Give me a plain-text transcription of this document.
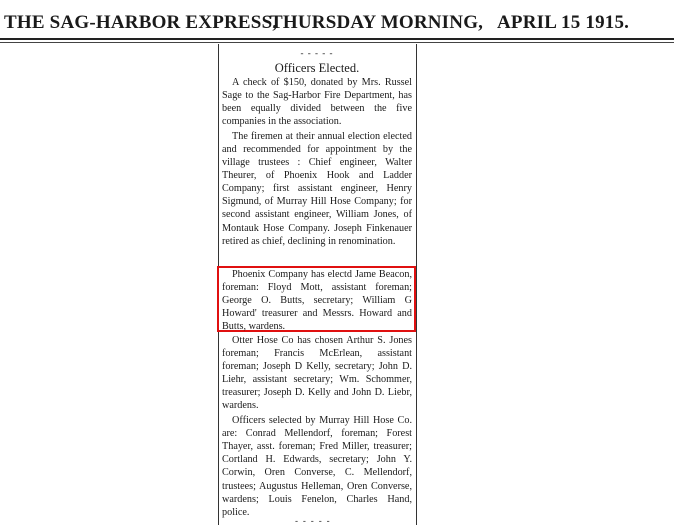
THE SAG-HARBOR EXPRESS,
THURSDAY MORNING, APRIL 15 1915.
- - - - -
Officers Elected.

A check of $150, donated by Mrs. Russel Sage to the Sag-Harbor Fire Department, has been equally divided between the five companies in the association.

The firemen at their annual election elected and recommended for appointment by the village trustees : Chief engineer, Walter Theurer, of Phoenix Hook and Ladder Company; first assistant engineer, Henry Sigmund, of Murray Hill Hose Company; for second assistant engineer, William Jones, of Montauk Hose Company. Joseph Finkenauer retired as chief, declining in renomination.

Phoenix Company has electd Jame Beacon, foreman: Floyd Mott, assistant foreman; George O. Butts, secretary; William G Howard' treasurer and Messrs. Howard and Butts, wardens.

Otter Hose Co has chosen Arthur S. Jones foreman; Francis McErlean, assistant foreman; Joseph D Kelly, secretary; John D. Liehr, assistant secretary; Wm. Schommer, treasurer; Joseph D. Kelly and John D. Liebr, wardens.

Officers selected by Murray Hill Hose Co. are: Conrad Mellendorf, foreman; Forest Thayer, asst. foreman; Fred Miller, treasurer; Cortland H. Edwards, secretary; John Y. Corwin, Oren Converse, C. Mellendorf, trustees; Augustus Helleman, Oren Converse, wardens; Louis Fenelon, Charles Hand, police.

- - - - -
